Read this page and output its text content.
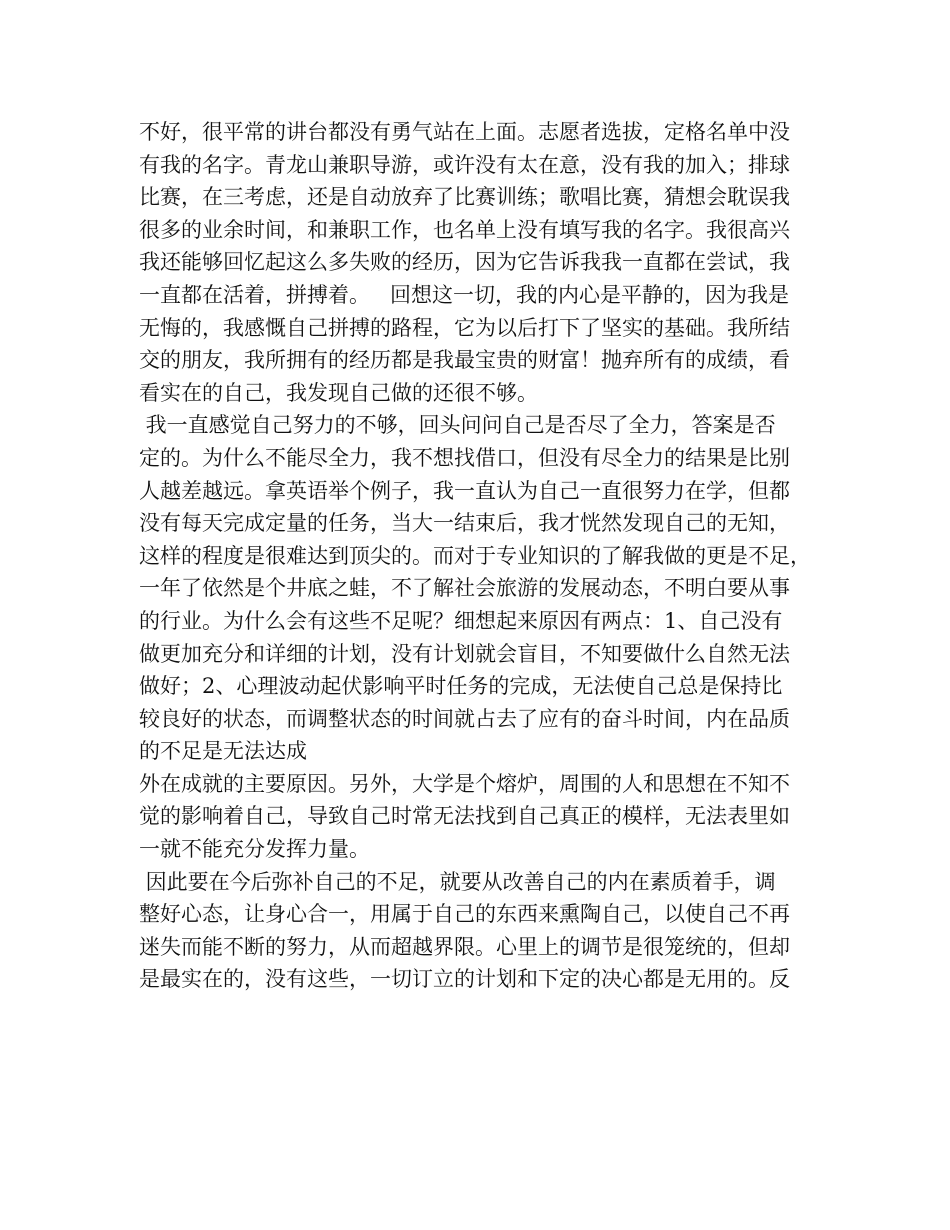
不好，很平常的讲台都没有勇气站在上面。志愿者选拔，定格名单中没
有我的名字。青龙山兼职导游，或许没有太在意，没有我的加入；排球
比赛，在三考虑，还是自动放弃了比赛训练；歌唱比赛，猜想会耽误我
很多的业余时间，和兼职工作，也名单上没有填写我的名字。我很高兴
我还能够回忆起这么多失败的经历，因为它告诉我我一直都在尝试，我
一直都在活着，拼搏着。   回想这一切，我的内心是平静的，因为我是
无悔的，我感慨自己拼搏的路程，它为以后打下了坚实的基础。我所结
交的朋友，我所拥有的经历都是我最宝贵的财富！抛弃所有的成绩，看
看实在的自己，我发现自己做的还很不够。
我一直感觉自己努力的不够，回头问问自己是否尽了全力，答案是否
定的。为什么不能尽全力，我不想找借口，但没有尽全力的结果是比别
人越差越远。拿英语举个例子，我一直认为自己一直很努力在学，但都
没有每天完成定量的任务，当大一结束后，我才恍然发现自己的无知，
这样的程度是很难达到顶尖的。而对于专业知识的了解我做的更是不足，
一年了依然是个井底之蛙，不了解社会旅游的发展动态，不明白要从事
的行业。为什么会有这些不足呢？细想起来原因有两点：1、自己没有
做更加充分和详细的计划，没有计划就会盲目，不知要做什么自然无法
做好；2、心理波动起伏影响平时任务的完成，无法使自己总是保持比
较良好的状态，而调整状态的时间就占去了应有的奋斗时间，内在品质
的不足是无法达成
外在成就的主要原因。另外，大学是个熔炉，周围的人和思想在不知不
觉的影响着自己，导致自己时常无法找到自己真正的模样，无法表里如
一就不能充分发挥力量。
因此要在今后弥补自己的不足，就要从改善自己的内在素质着手，调
整好心态，让身心合一，用属于自己的东西来熏陶自己，以使自己不再
迷失而能不断的努力，从而超越界限。心里上的调节是很笼统的，但却
是最实在的，没有这些，一切订立的计划和下定的决心都是无用的。反
